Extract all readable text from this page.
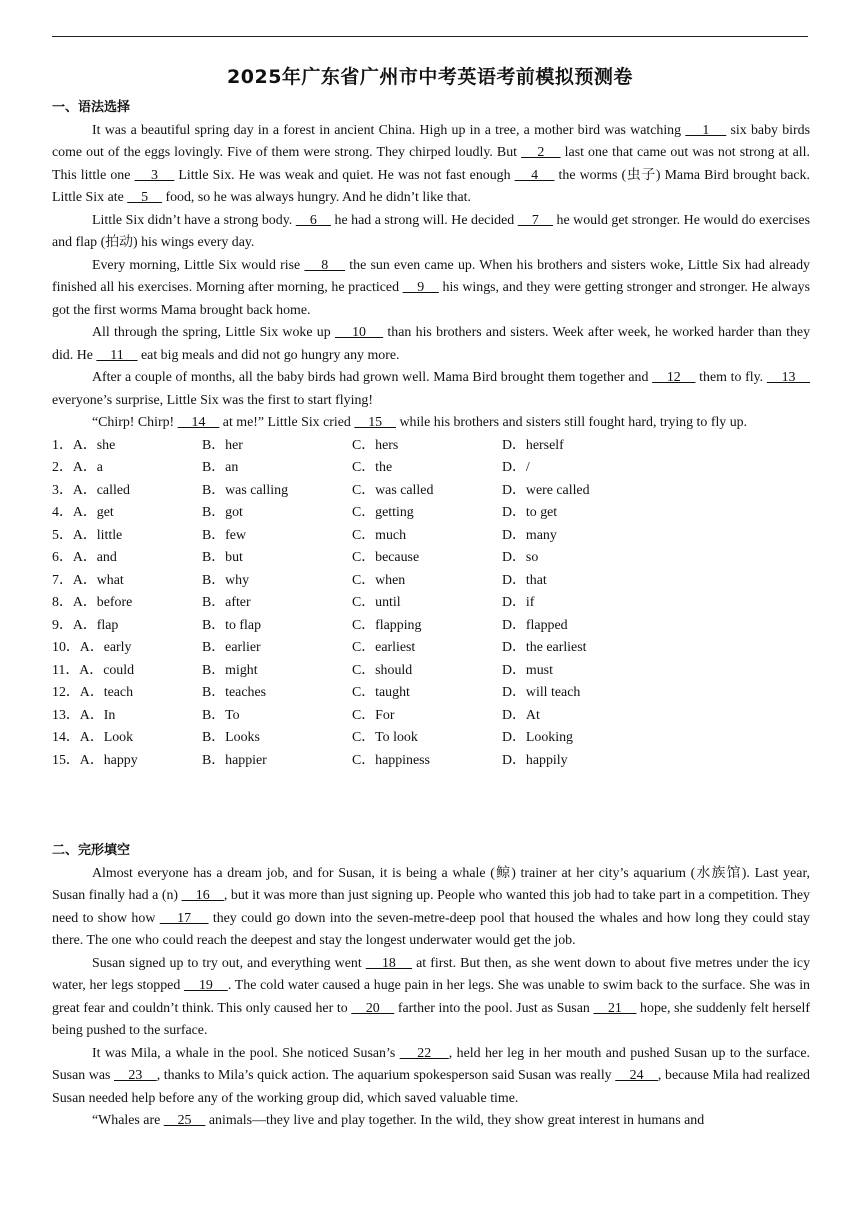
2025年广东省广州市中考英语考前模拟预测卷
一、语法选择

It was a beautiful spring day in a forest in ancient China. High up in a tree, a mother bird was watching     1     six baby birds come out of the eggs lovingly. Five of them were strong. They chirped loudly. But     2     last one that came out was not strong at all. This little one     3     Little Six. He was weak and quiet. He was not fast enough     4     the worms (虫子) Mama Bird brought back. Little Six ate     5     food, so he was always hungry. And he didn’t like that.

Little Six didn’t have a strong body.     6     he had a strong will. He decided     7     he would get stronger. He would do exercises and flap (拍动) his wings every day.

Every morning, Little Six would rise     8     the sun even came up. When his brothers and sisters woke, Little Six had already finished all his exercises. Morning after morning, he practiced     9     his wings, and they were getting stronger and stronger. He always got the first worms Mama brought back home.

All through the spring, Little Six woke up     10     than his brothers and sisters. Week after week, he worked harder than they did. He     11     eat big meals and did not go hungry any more.

After a couple of months, all the baby birds had grown well. Mama Bird brought them together and     12     them to fly.     13     everyone’s surprise, Little Six was the first to start flying!

“Chirp! Chirp!     14     at me!” Little Six cried     15     while his brothers and sisters still fought hard, trying to fly up.

1．A．she	B．her	C．hers	D．herself
2．A．a	B．an	C．the	D．/
3．A．called	B．was calling	C．was called	D．were called
4．A．get	B．got	C．getting	D．to get
5．A．little	B．few	C．much	D．many
6．A．and	B．but	C．because	D．so
7．A．what	B．why	C．when	D．that
8．A．before	B．after	C．until	D．if
9．A．flap	B．to flap	C．flapping	D．flapped
10．A．early	B．earlier	C．earliest	D．the earliest
11．A．could	B．might	C．should	D．must
12．A．teach	B．teaches	C．taught	D．will teach
13．A．In	B．To	C．For	D．At
14．A．Look	B．Looks	C．To look	D．Looking
15．A．happy	B．happier	C．happiness	D．happily
二、完形填空

Almost everyone has a dream job, and for Susan, it is being a whale (鲸) trainer at her city’s aquarium (水族馆). Last year, Susan finally had a (n)     16    , but it was more than just signing up. People who wanted this job had to take part in a competition. They need to show how     17     they could go down into the seven-metre-deep pool that housed the whales and how long they could stay there. The one who could reach the deepest and stay the longest underwater would get the job.

Susan signed up to try out, and everything went     18     at first. But then, as she went down to about five metres under the icy water, her legs stopped     19    . The cold water caused a huge pain in her legs. She was unable to swim back to the surface. She was in great fear and couldn’t think. This only caused her to     20     farther into the pool. Just as Susan     21     hope, she suddenly felt herself being pushed to the surface.

It was Mila, a whale in the pool. She noticed Susan’s     22    , held her leg in her mouth and pushed Susan up to the surface. Susan was     23    , thanks to Mila’s quick action. The aquarium spokesperson said Susan was really     24    , because Mila had realized Susan needed help before any of the working group did, which saved valuable time.

“Whales are     25     animals—they live and play together. In the wild, they show great interest in humans and
